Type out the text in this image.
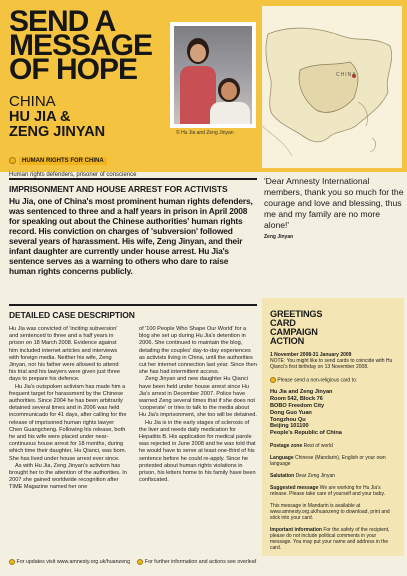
SEND A
MESSAGE
OF HOPE
CHINA
HU JIA &
ZENG JINYAN	© Hu Jia and Zeng Jinyan
CHINA
HUMAN RIGHTS FOR CHINA
Human rights defenders, prisoner of conscience
IMPRISONMENT AND HOUSE ARREST FOR ACTIVISTS
Hu Jia, one of China's most prominent human rights defenders, was sentenced to three and a half years in prison in April 2008 for speaking out about the Chinese authorities' human rights record. His conviction on charges of 'subversion' followed several years of harassment. His wife, Zeng Jinyan, and their infant daughter are currently under house arrest. Hu Jia's sentence serves as a warning to others who dare to raise human rights concerns publicly.
'Dear Amnesty International members, thank you so much for the courage and love and blessing, thus me and my family are no more alone!'
Zeng Jinyan
DETAILED CASE DESCRIPTION

Hu Jia was convicted of 'inciting subversion' and sentenced to three and a half years in prison on 18 March 2008. Evidence against him included internet articles and interviews with foreign media. Neither his wife, Zeng Jinyan, nor his father were allowed to attend his trial and his lawyers were given just three days to prepare his defence.

Hu Jia's outspoken activism has made him a frequent target for harassment by the Chinese authorities. Since 2004 he has been arbitrarily detained several times and in 2006 was held incommunicado for 41 days, after calling for the release of imprisoned human rights lawyer Chen Guangcheng. Following his release, both he and his wife were placed under near-continuous house arrest for 18 months, during which time their daughter, Hu Qianci, was born. She has lived under house arrest ever since.

As with Hu Jia, Zeng Jinyan's activism has brought her to the attention of the authorities. In 2007 she gained worldwide recognition after TIME Magazine named her one

of '100 People Who Shape Our World' for a blog she set up during Hu Jia's detention in 2006. She continued to maintain the blog, detailing the couples' day-to-day experiences as activists living in China, until the authorities cut her internet connection last year. Since then she has had intermittent access.

Zeng Jinyan and new daughter Hu Qianci have been held under house arrest since Hu Jia's arrest in December 2007. Police have warned Zeng several times that if she does not 'cooperate' or tries to talk to the media about Hu Jia's imprisonment, she too will be detained.

Hu Jia is in the early stages of sclerosis of the liver and needs daily medication for Hepatitis B. His application for medical parole was rejected in June 2008 and he was told that he would have to serve at least one-third of his sentence before he could re-apply. Since he protested about human rights violations in prison, his letters home to his family have been confiscated.

GREETINGS
CARD
CAMPAIGN
ACTION
1 November 2008-31 January 2009
NOTE: You might like to send cards to coincide with Hu Qianci's first birthday on 13 November 2008.
Please send a non-religious card to:
Hu Jia and Zeng Jinyan
Room 542, Block 76
BOBO Freedom City
Dong Guo Yuan
Tongzhou Qu
Beijing 101100
People's Republic of China
Postage zone Rest of world
Language Chinese (Mandarin), English or your own language
Salutation Dear Zeng Jinyan
Suggested message We are working for Hu Jia's release. Please take care of yourself and your baby.
This message in Mandarin is available at www.amnesty.org.uk/huanzeng to download, print and stick into your card.
Important information For the safety of the recipient, please do not include political comments in your message. You may put your name and address in the card.
For updates visit www.amnesty.org.uk/huanzeng	For further information and actions see overleaf
